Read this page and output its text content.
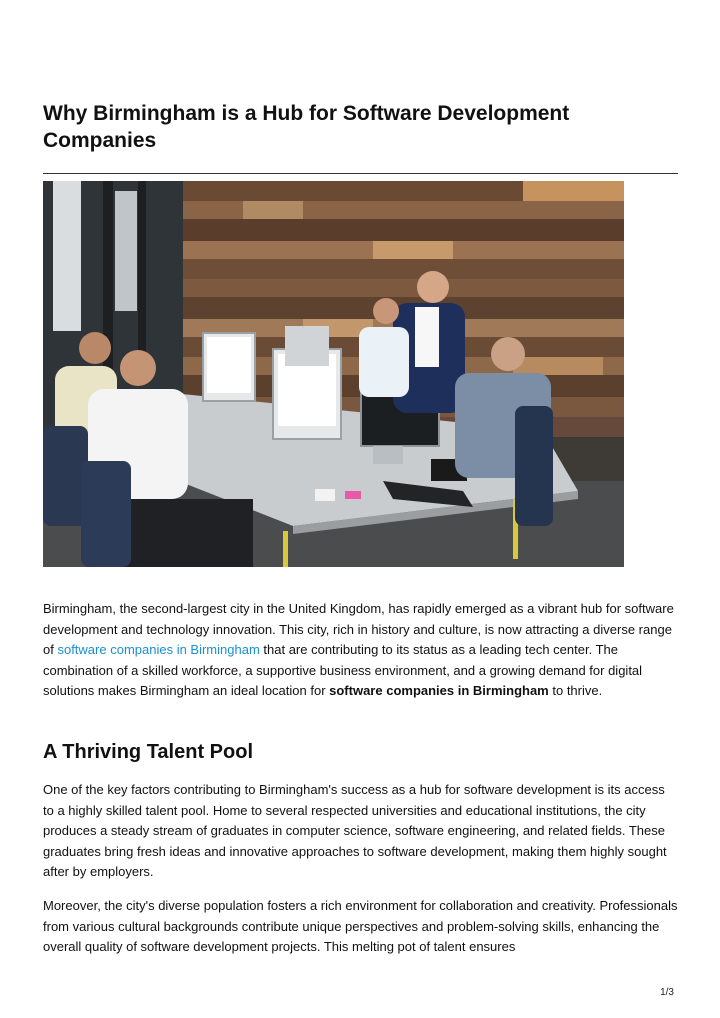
Why Birmingham is a Hub for Software Development Companies

Birmingham, the second-largest city in the United Kingdom, has rapidly emerged as a vibrant hub for software development and technology innovation. This city, rich in history and culture, is now attracting a diverse range of software companies in Birmingham that are contributing to its status as a leading tech center. The combination of a skilled workforce, a supportive business environment, and a growing demand for digital solutions makes Birmingham an ideal location for software companies in Birmingham to thrive.

A Thriving Talent Pool

One of the key factors contributing to Birmingham's success as a hub for software development is its access to a highly skilled talent pool. Home to several respected universities and educational institutions, the city produces a steady stream of graduates in computer science, software engineering, and related fields. These graduates bring fresh ideas and innovative approaches to software development, making them highly sought after by employers.

Moreover, the city's diverse population fosters a rich environment for collaboration and creativity. Professionals from various cultural backgrounds contribute unique perspectives and problem-solving skills, enhancing the overall quality of software development projects. This melting pot of talent ensures

1/3
